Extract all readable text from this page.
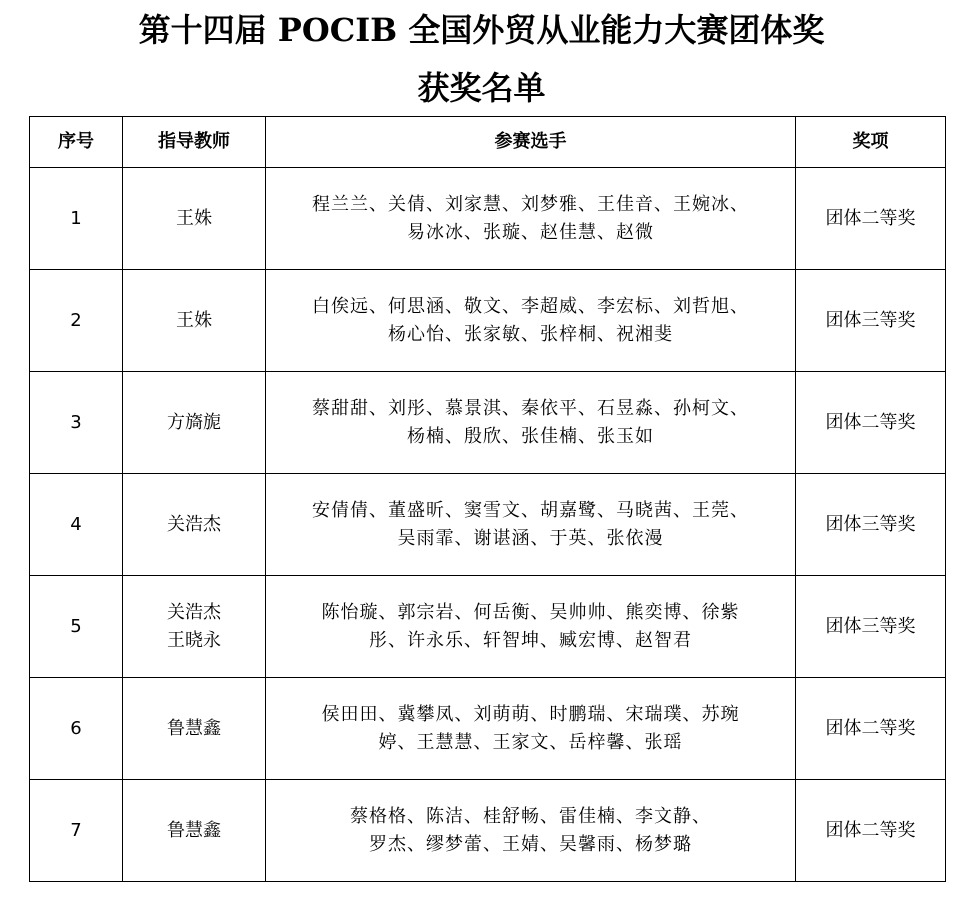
第十四届 POCIB 全国外贸从业能力大赛团体奖
获奖名单
序号	指导教师	参赛选手	奖项
1	王姝	程兰兰、关倩、刘家慧、刘梦雅、王佳音、王婉冰、
易冰冰、张璇、赵佳慧、赵微	团体二等奖
2	王姝	白俟远、何思涵、敬文、李超威、李宏标、刘哲旭、
杨心怡、张家敏、张梓桐、祝湘斐	团体三等奖
3	方旖旎	蔡甜甜、刘彤、慕景淇、秦依平、石昱淼、孙柯文、
杨楠、殷欣、张佳楠、张玉如	团体二等奖
4	关浩杰	安倩倩、董盛昕、窦雪文、胡嘉鹭、马晓茜、王莞、
吴雨霏、谢谌涵、于英、张依漫	团体三等奖
5	关浩杰
王晓永	陈怡璇、郭宗岩、何岳衡、吴帅帅、熊奕博、徐紫
彤、许永乐、轩智坤、臧宏博、赵智君	团体三等奖
6	鲁慧鑫	侯田田、冀攀凤、刘萌萌、时鹏瑞、宋瑞璞、苏琬
婷、王慧慧、王家文、岳梓馨、张瑶	团体二等奖
7	鲁慧鑫	蔡格格、陈洁、桂舒畅、雷佳楠、李文静、
罗杰、缪梦蕾、王婧、吴馨雨、杨梦璐	团体二等奖
